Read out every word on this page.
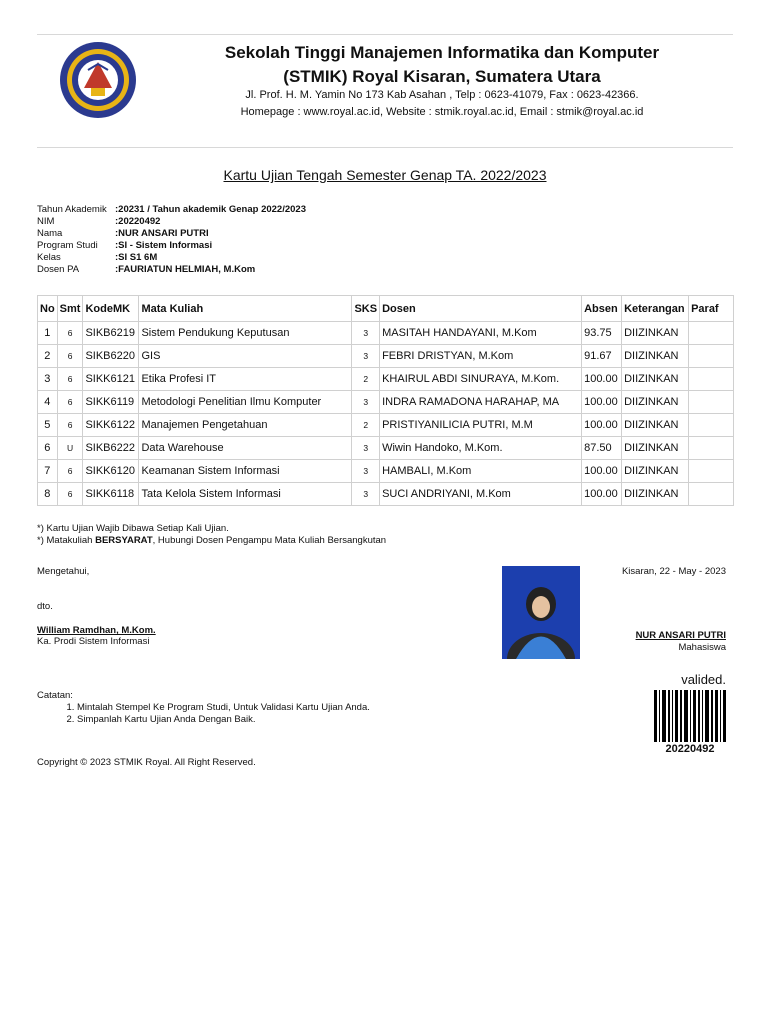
Sekolah Tinggi Manajemen Informatika dan Komputer
(STMIK) Royal Kisaran, Sumatera Utara
Jl. Prof. H. M. Yamin No 173 Kab Asahan , Telp : 0623-41079, Fax : 0623-42366.
Homepage : www.royal.ac.id, Website : stmik.royal.ac.id, Email : stmik@royal.ac.id
Kartu Ujian Tengah Semester Genap TA. 2022/2023
Tahun Akademik :20231 / Tahun akademik Genap 2022/2023
NIM	:20220492
Nama	:NUR ANSARI PUTRI
Program Studi	:SI - Sistem Informasi
Kelas	:SI S1 6M
Dosen PA	:FAURIATUN HELMIAH, M.Kom
No	Smt	KodeMK	Mata Kuliah	SKS	Dosen	Absen	Keterangan	Paraf
1	6	SIKB6219	Sistem Pendukung Keputusan	3	MASITAH HANDAYANI, M.Kom	93.75	DIIZINKAN	
2	6	SIKB6220	GIS	3	FEBRI DRISTYAN, M.Kom	91.67	DIIZINKAN	
3	6	SIKK6121	Etika Profesi IT	2	KHAIRUL ABDI SINURAYA, M.Kom.	100.00	DIIZINKAN	
4	6	SIKK6119	Metodologi Penelitian Ilmu Komputer	3	INDRA RAMADONA HARAHAP, MA	100.00	DIIZINKAN	
5	6	SIKK6122	Manajemen Pengetahuan	2	PRISTIYANILICIA PUTRI, M.M	100.00	DIIZINKAN	
6	U	SIKB6222	Data Warehouse	3	Wiwin Handoko, M.Kom.	87.50	DIIZINKAN	
7	6	SIKK6120	Keamanan Sistem Informasi	3	HAMBALI, M.Kom	100.00	DIIZINKAN	
8	6	SIKK6118	Tata Kelola Sistem Informasi	3	SUCI ANDRIYANI, M.Kom	100.00	DIIZINKAN	
*) Kartu Ujian Wajib Dibawa Setiap Kali Ujian.
*) Matakuliah BERSYARAT, Hubungi Dosen Pengampu Mata Kuliah Bersangkutan
Mengetahui,
dto.
William Ramdhan, M.Kom.
Ka. Prodi Sistem Informasi
Kisaran, 22 - May - 2023
NUR ANSARI PUTRI
Mahasiswa
valided.
20220492
Catatan:
1. Mintalah Stempel Ke Program Studi, Untuk Validasi Kartu Ujian Anda.
2. Simpanlah Kartu Ujian Anda Dengan Baik.
Copyright © 2023 STMIK Royal. All Right Reserved.
